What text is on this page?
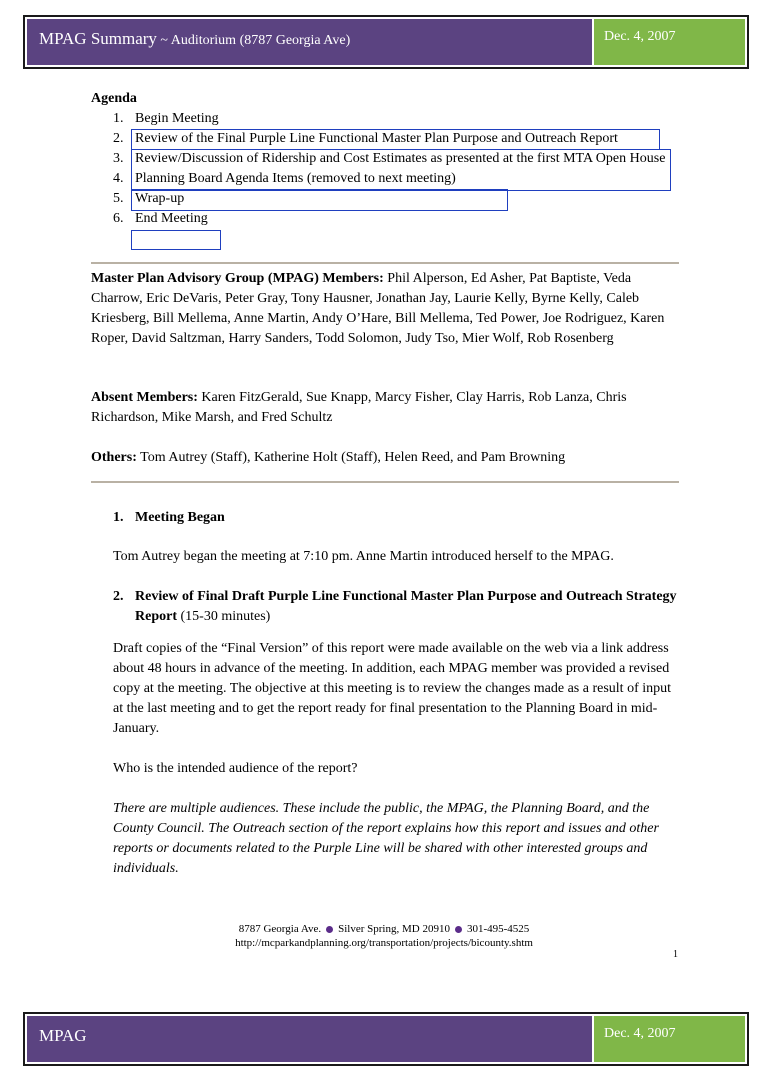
MPAG Summary ~ Auditorium (8787 Georgia Ave)	Dec. 4, 2007
Agenda
1. Begin Meeting
2. Review of the Final Purple Line Functional Master Plan Purpose and Outreach Report
3. Review/Discussion of Ridership and Cost Estimates as presented at the first MTA Open House
4. Planning Board Agenda Items (removed to next meeting)
5. Wrap-up
6. End Meeting
Master Plan Advisory Group (MPAG) Members: Phil Alperson, Ed Asher, Pat Baptiste, Veda Charrow, Eric DeVaris, Peter Gray, Tony Hausner, Jonathan Jay, Laurie Kelly, Byrne Kelly, Caleb Kriesberg, Bill Mellema, Anne Martin, Andy O’Hare, Bill Mellema, Ted Power, Joe Rodriguez, Karen Roper, David Saltzman, Harry Sanders, Todd Solomon, Judy Tso, Mier Wolf, Rob Rosenberg
Absent Members: Karen FitzGerald, Sue Knapp, Marcy Fisher, Clay Harris, Rob Lanza, Chris Richardson, Mike Marsh, and Fred Schultz
Others: Tom Autrey (Staff), Katherine Holt (Staff), Helen Reed, and Pam Browning
1. Meeting Began
Tom Autrey began the meeting at 7:10 pm. Anne Martin introduced herself to the MPAG.
2. Review of Final Draft Purple Line Functional Master Plan Purpose and Outreach Strategy Report (15-30 minutes)
Draft copies of the “Final Version” of this report were made available on the web via a link address about 48 hours in advance of the meeting. In addition, each MPAG member was provided a revised copy at the meeting. The objective at this meeting is to review the changes made as a result of input at the last meeting and to get the report ready for final presentation to the Planning Board in mid-January.
Who is the intended audience of the report?
There are multiple audiences. These include the public, the MPAG, the Planning Board, and the County Council. The Outreach section of the report explains how this report and issues and other reports or documents related to the Purple Line will be shared with other interested groups and individuals.
8787 Georgia Ave. Silver Spring, MD 20910 301-495-4525
http://mcparkandplanning.org/transportation/projects/bicounty.shtm
1
MPAG	Dec. 4, 2007
